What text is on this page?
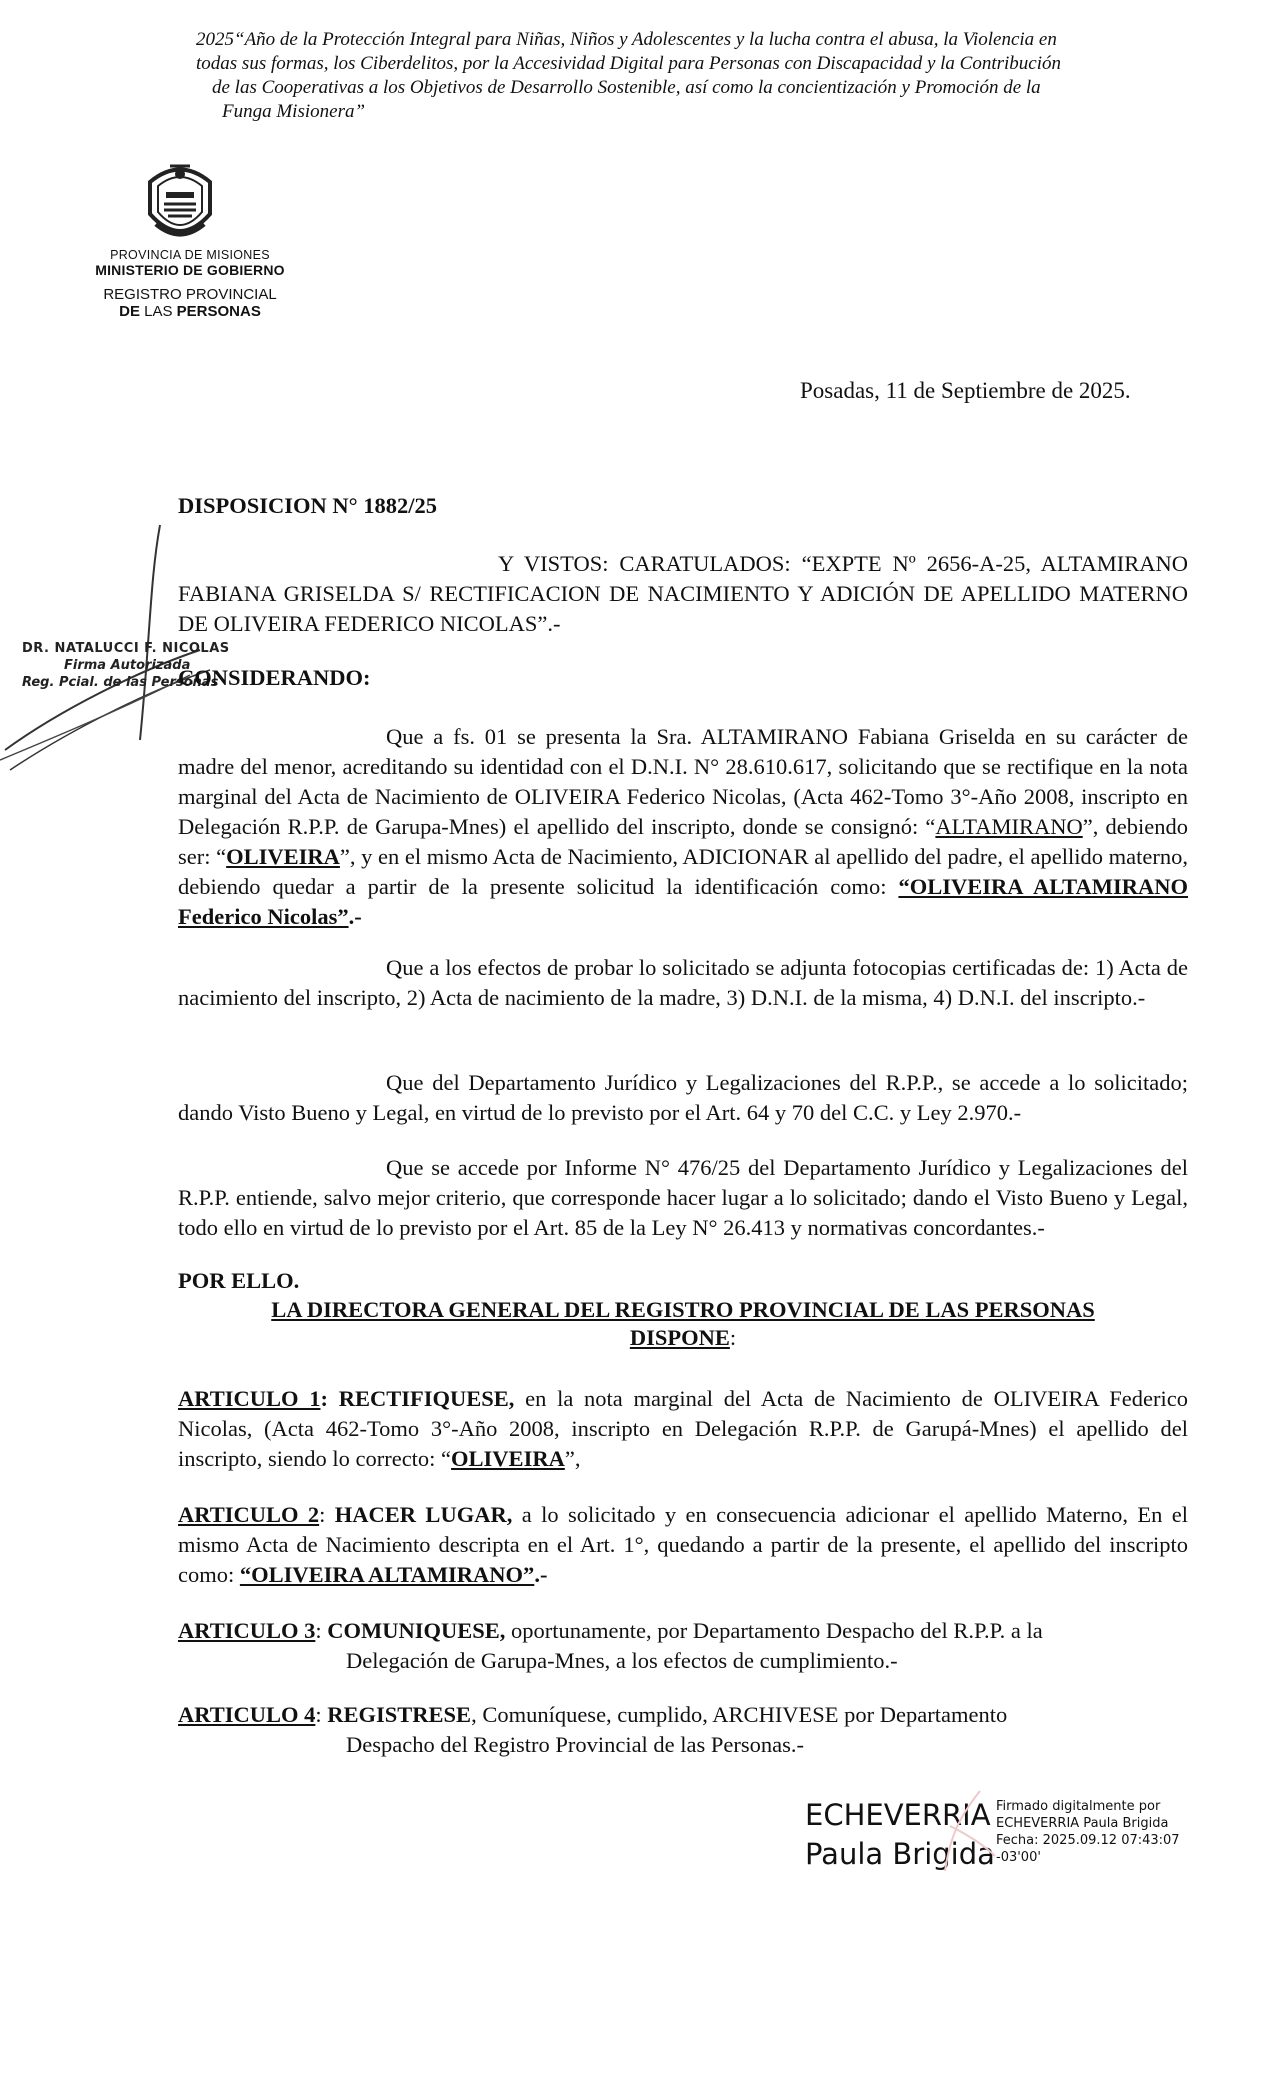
2025“Año de la Protección Integral para Niñas, Niños y Adolescentes y la lucha contra el abusa, la Violencia en
todas sus formas, los Ciberdelitos, por la Accesividad Digital para Personas con Discapacidad y la Contribución
de las Cooperativas a los Objetivos de Desarrollo Sostenible, así como la concientización y Promoción de la
Funga Misionera”
PROVINCIA DE MISIONES
MINISTERIO DE GOBIERNO
REGISTRO PROVINCIAL
DE LAS PERSONAS
Posadas, 11 de Septiembre de 2025.
DISPOSICION N° 1882/25
Y VISTOS: CARATULADOS: “EXPTE Nº 2656-A-25, ALTAMIRANO FABIANA GRISELDA S/ RECTIFICACION DE NACIMIENTO Y ADICIÓN DE APELLIDO MATERNO DE OLIVEIRA FEDERICO NICOLAS”.-
DR. NATALUCCI F. NICOLAS
Firma Autorizada
Reg. Pcial. de las Personas
CONSIDERANDO:
Que a fs. 01 se presenta la Sra. ALTAMIRANO Fabiana Griselda en su carácter de madre del menor, acreditando su identidad con el D.N.I. N° 28.610.617, solicitando que se rectifique en la nota marginal del Acta de Nacimiento de OLIVEIRA Federico Nicolas, (Acta 462-Tomo 3°-Año 2008, inscripto en Delegación R.P.P. de Garupa-Mnes) el apellido del inscripto, donde se consignó: “ALTAMIRANO”, debiendo ser: “OLIVEIRA”, y en el mismo Acta de Nacimiento, ADICIONAR al apellido del padre, el apellido materno, debiendo quedar a partir de la presente solicitud la identificación como: “OLIVEIRA ALTAMIRANO Federico Nicolas”.-
Que a los efectos de probar lo solicitado se adjunta fotocopias certificadas de: 1) Acta de nacimiento del inscripto, 2) Acta de nacimiento de la madre, 3) D.N.I. de la misma, 4) D.N.I. del inscripto.-
Que del Departamento Jurídico y Legalizaciones del R.P.P., se accede a lo solicitado; dando Visto Bueno y Legal, en virtud de lo previsto por el Art. 64 y 70 del C.C. y Ley 2.970.-
Que se accede por Informe N° 476/25 del Departamento Jurídico y Legalizaciones del R.P.P. entiende, salvo mejor criterio, que corresponde hacer lugar a lo solicitado; dando el Visto Bueno y Legal, todo ello en virtud de lo previsto por el Art. 85 de la Ley N° 26.413 y normativas concordantes.-
POR ELLO.
LA DIRECTORA GENERAL DEL REGISTRO PROVINCIAL DE LAS PERSONAS
DISPONE:
ARTICULO 1: RECTIFIQUESE, en la nota marginal del Acta de Nacimiento de OLIVEIRA Federico Nicolas, (Acta 462-Tomo 3°-Año 2008, inscripto en Delegación R.P.P. de Garupá-Mnes) el apellido del inscripto, siendo lo correcto: “OLIVEIRA”,
ARTICULO 2: HACER LUGAR, a lo solicitado y en consecuencia adicionar el apellido Materno, En el mismo Acta de Nacimiento descripta en el Art. 1°, quedando a partir de la presente, el apellido del inscripto como: “OLIVEIRA ALTAMIRANO”.-
ARTICULO 3: COMUNIQUESE, oportunamente, por Departamento Despacho del R.P.P. a la
Delegación de Garupa-Mnes, a los efectos de cumplimiento.-
ARTICULO 4: REGISTRESE, Comuníquese, cumplido, ARCHIVESE por Departamento
Despacho del Registro Provincial de las Personas.-
ECHEVERRIA
Paula Brigida
Firmado digitalmente por
ECHEVERRIA Paula Brigida
Fecha: 2025.09.12 07:43:07
-03'00'
